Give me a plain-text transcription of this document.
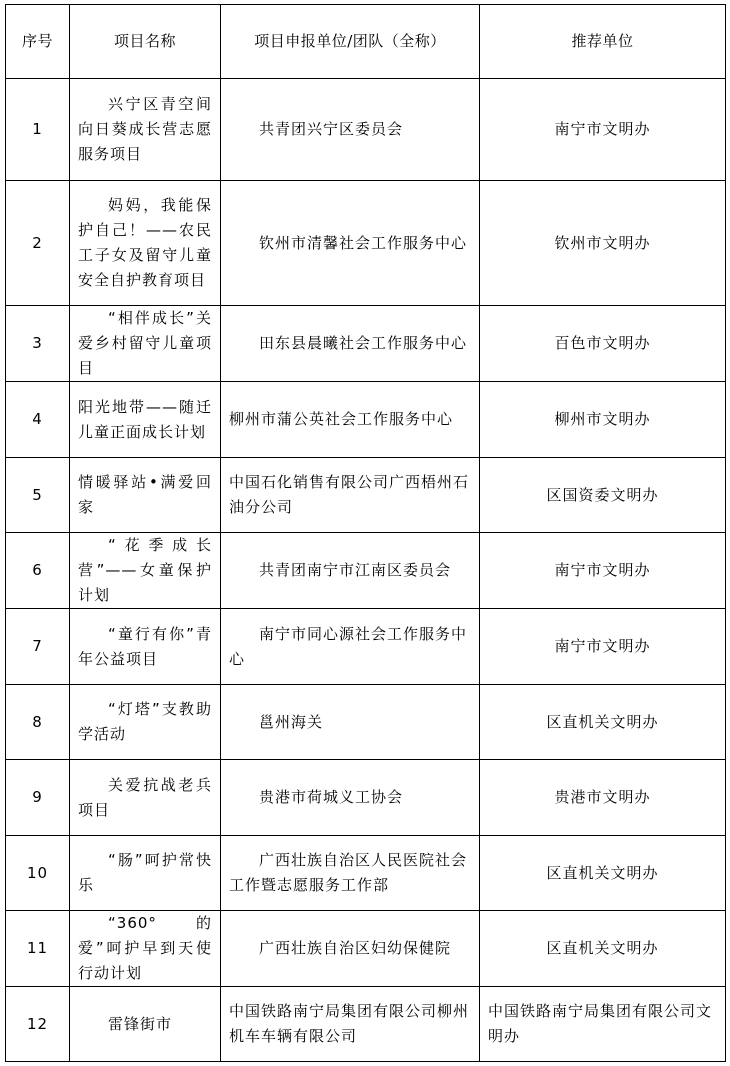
序号	项目名称	项目申报单位/团队（全称）	推荐单位
1	兴宁区青空间向日葵成长营志愿服务项目	共青团兴宁区委员会	南宁市文明办
2	妈妈，我能保护自己！——农民工子女及留守儿童安全自护教育项目	钦州市清馨社会工作服务中心	钦州市文明办
3	“相伴成长”关爱乡村留守儿童项目	田东县晨曦社会工作服务中心	百色市文明办
4	阳光地带——随迁儿童正面成长计划	柳州市蒲公英社会工作服务中心	柳州市文明办
5	情暖驿站•满爱回家	中国石化销售有限公司广西梧州石油分公司	区国资委文明办
6	“花季成长营”——女童保护计划	共青团南宁市江南区委员会	南宁市文明办
7	“童行有你”青年公益项目	南宁市同心源社会工作服务中心	南宁市文明办
8	“灯塔”支教助学活动	邕州海关	区直机关文明办
9	关爱抗战老兵项目	贵港市荷城义工协会	贵港市文明办
10	“肠”呵护常快乐	广西壮族自治区人民医院社会工作暨志愿服务工作部	区直机关文明办
11	“360° 的爱”呵护早到天使行动计划	广西壮族自治区妇幼保健院	区直机关文明办
12	雷锋街市	中国铁路南宁局集团有限公司柳州机车车辆有限公司	中国铁路南宁局集团有限公司文明办
